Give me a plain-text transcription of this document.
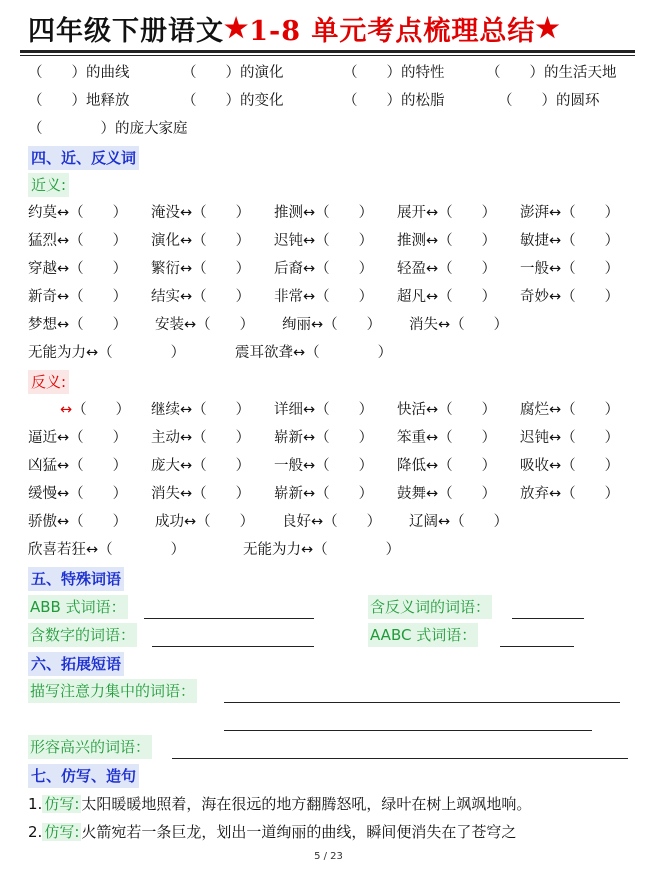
四年级下册语文 ★ 1-8 单元考点梳理总结 ★
（　　）的曲线	（　　）的演化	（　　）的特性	（　　）的生活天地
（　　）地释放	（　　）的变化	（　　）的松脂	（　　）的圆环
（　　　　）的庞大家庭
四、近、反义词
近义:
约莫↔（　　） 淹没↔（　　） 推测↔（　　） 展开↔（　　） 澎湃↔（　　）
猛烈↔（　　） 演化↔（　　） 迟钝↔（　　） 推测↔（　　） 敏捷↔（　　）
穿越↔（　　） 繁衍↔（　　） 后裔↔（　　） 轻盈↔（　　） 一般↔（　　）
新奇↔（　　） 结实↔（　　） 非常↔（　　） 超凡↔（　　） 奇妙↔（　　）
梦想↔（　　） 安装↔（　　） 绚丽↔（　　） 消失↔（　　）
无能为力↔（　　　　）	震耳欲聋↔（　　　　）
反义:
↔（　　） 继续↔（　　） 详细↔（　　） 快活↔（　　） 腐烂↔（　　）
逼近↔（　　） 主动↔（　　） 崭新↔（　　） 笨重↔（　　） 迟钝↔（　　）
凶猛↔（　　） 庞大↔（　　） 一般↔（　　） 降低↔（　　） 吸收↔（　　）
缓慢↔（　　） 消失↔（　　） 崭新↔（　　） 鼓舞↔（　　） 放弃↔（　　）
骄傲↔（　　） 成功↔（　　） 良好↔（　　） 辽阔↔（　　）
欣喜若狂↔（　　　　）	无能为力↔（　　　　）
五、特殊词语
ABB 式词语：	含反义词的词语：
含数字的词语：	AABC 式词语：
六、拓展短语
描写注意力集中的词语：
形容高兴的词语：
七、仿写、造句
1. 仿写: 太阳暖暖地照着，海在很远的地方翻腾怒吼，绿叶在树上飒飒地响。
2. 仿写: 火箭宛若一条巨龙，划出一道绚丽的曲线，瞬间便消失在了苍穹之
5 / 23
